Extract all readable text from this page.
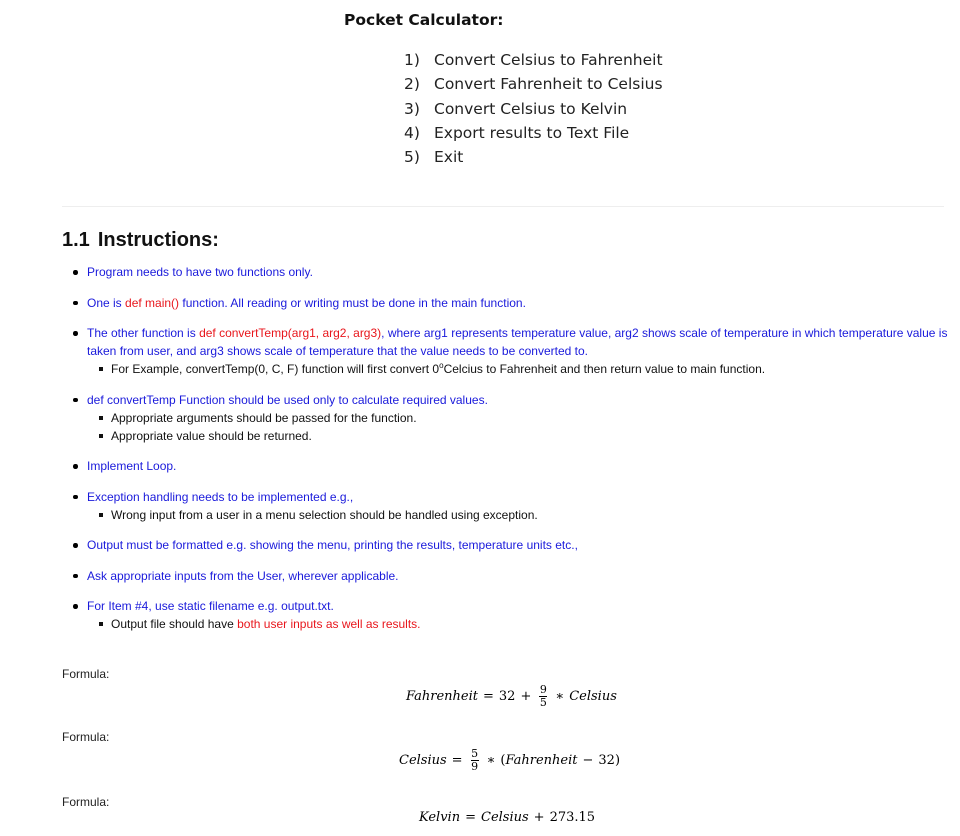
Pocket Calculator:
1) Convert Celsius to Fahrenheit
2) Convert Fahrenheit to Celsius
3) Convert Celsius to Kelvin
4) Export results to Text File
5) Exit
1.1 Instructions:
Program needs to have two functions only.
One is def main() function. All reading or writing must be done in the main function.
The other function is def convertTemp(arg1, arg2, arg3), where arg1 represents temperature value, arg2 shows scale of temperature in which temperature value is taken from user, and arg3 shows scale of temperature that the value needs to be converted to.
For Example, convertTemp(0, C, F) function will first convert 0$^o$Celcius to Fahrenheit and then return value to main function.
def convertTemp Function should be used only to calculate required values.
Appropriate arguments should be passed for the function.
Appropriate value should be returned.
Implement Loop.
Exception handling needs to be implemented e.g.,
Wrong input from a user in a menu selection should be handled using exception.
Output must be formatted e.g. showing the menu, printing the results, temperature units etc.,
Ask appropriate inputs from the User, wherever applicable.
For Item #4, use static filename e.g. output.txt.
Output file should have both user inputs as well as results.
Formula:
Fahrenheit = $32 + \frac{9}{5}$ ∗ Celsius
Formula:
Celsius = $\frac{5}{9}$ ∗ ( Fahrenheit − 32 )
Formula:
Kelvin = Celsius + 273.15
